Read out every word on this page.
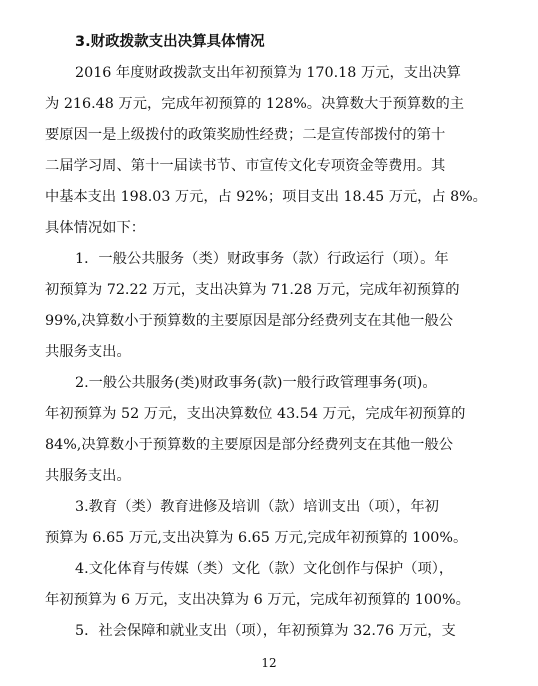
3.财政拨款支出决算具体情况
2016 年度财政拨款支出年初预算为 170.18 万元，支出决算
为 216.48 万元，完成年初预算的 128%。决算数大于预算数的主
要原因一是上级拨付的政策奖励性经费；二是宣传部拨付的第十
二届学习周、第十一届读书节、市宣传文化专项资金等费用。其
中基本支出 198.03 万元，占 92%；项目支出 18.45 万元，占 8%。
具体情况如下：
1．一般公共服务（类）财政事务（款）行政运行（项）。年
初预算为 72.22 万元，支出决算为 71.28 万元，完成年初预算的
99%,决算数小于预算数的主要原因是部分经费列支在其他一般公
共服务支出。
2.一般公共服务(类)财政事务(款)一般行政管理事务(项)。
年初预算为 52 万元，支出决算数位 43.54 万元，完成年初预算的
84%,决算数小于预算数的主要原因是部分经费列支在其他一般公
共服务支出。
3.教育（类）教育进修及培训（款）培训支出（项），年初
预算为 6.65 万元,支出决算为 6.65 万元,完成年初预算的 100%。
4.文化体育与传媒（类）文化（款）文化创作与保护（项），
年初预算为 6 万元，支出决算为 6 万元，完成年初预算的 100%。
5．社会保障和就业支出（项），年初预算为 32.76 万元，支
12
